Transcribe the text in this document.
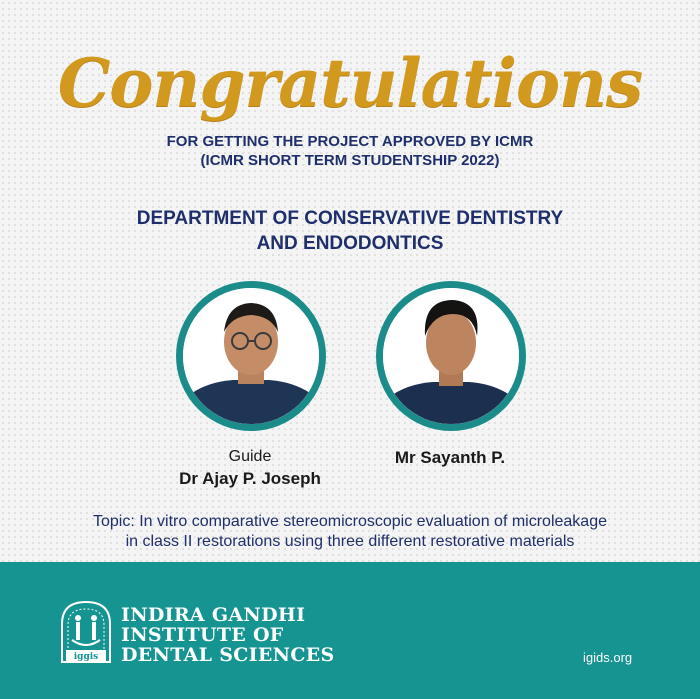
Congratulations
FOR GETTING THE PROJECT APPROVED BY ICMR
(ICMR SHORT TERM STUDENTSHIP 2022)
DEPARTMENT OF CONSERVATIVE DENTISTRY
AND ENDODONTICS
Guide
Dr Ajay P. Joseph
Mr Sayanth P.
Topic: In vitro comparative stereomicroscopic evaluation of microleakage
in class II restorations using three different restorative materials
iggis
INDIRA GANDHI
INSTITUTE OF
DENTAL SCIENCES	igids.org
